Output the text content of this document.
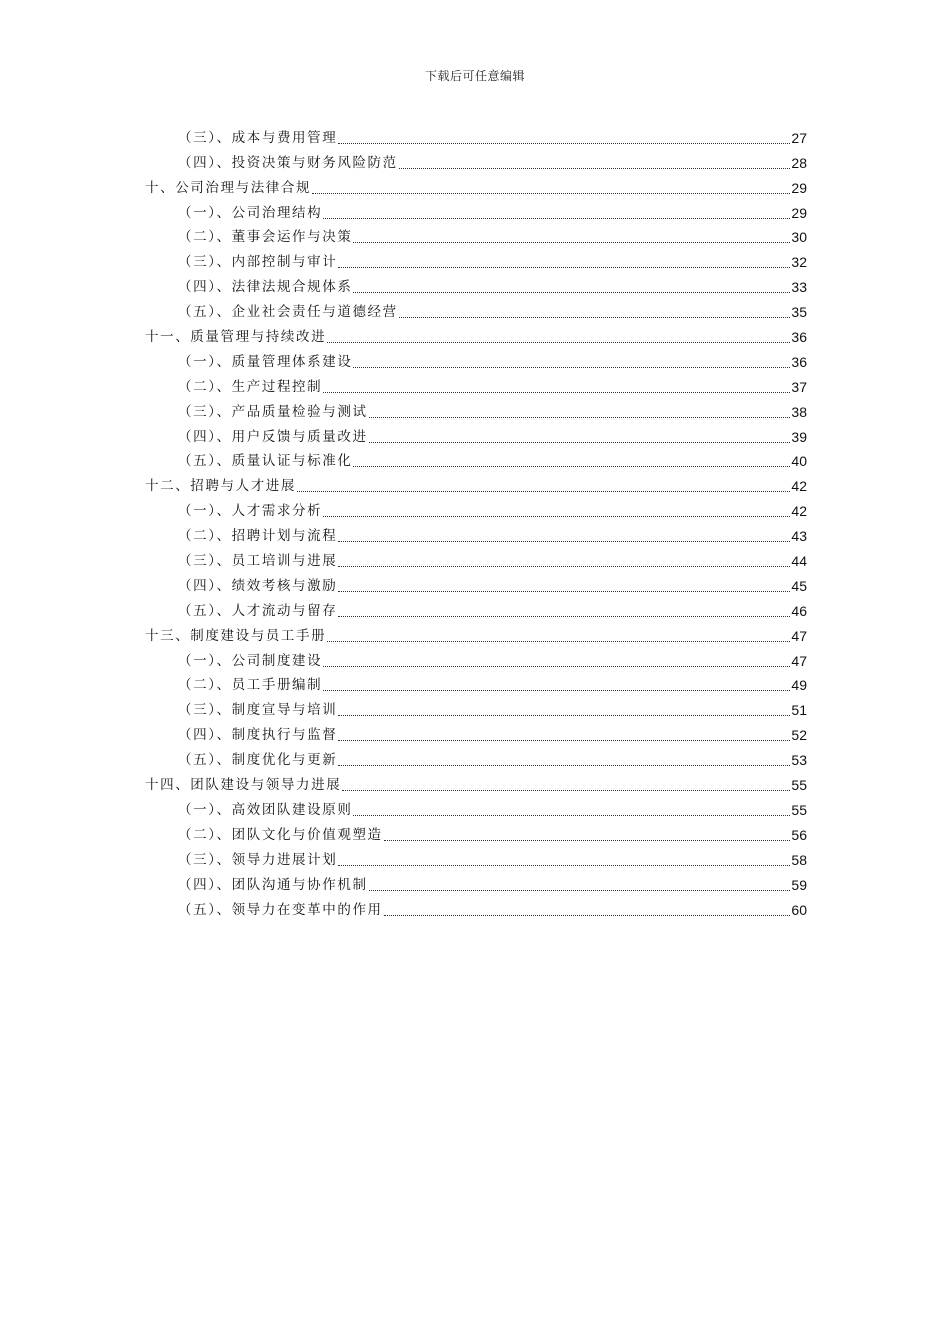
下载后可任意编辑
（三）、成本与费用管理	27
（四）、投资决策与财务风险防范	28
十、公司治理与法律合规	29
（一）、公司治理结构	29
（二）、董事会运作与决策	30
（三）、内部控制与审计	32
（四）、法律法规合规体系	33
（五）、企业社会责任与道德经营	35
十一、质量管理与持续改进	36
（一）、质量管理体系建设	36
（二）、生产过程控制	37
（三）、产品质量检验与测试	38
（四）、用户反馈与质量改进	39
（五）、质量认证与标准化	40
十二、招聘与人才进展	42
（一）、人才需求分析	42
（二）、招聘计划与流程	43
（三）、员工培训与进展	44
（四）、绩效考核与激励	45
（五）、人才流动与留存	46
十三、制度建设与员工手册	47
（一）、公司制度建设	47
（二）、员工手册编制	49
（三）、制度宣导与培训	51
（四）、制度执行与监督	52
（五）、制度优化与更新	53
十四、团队建设与领导力进展	55
（一）、高效团队建设原则	55
（二）、团队文化与价值观塑造	56
（三）、领导力进展计划	58
（四）、团队沟通与协作机制	59
（五）、领导力在变革中的作用	60
